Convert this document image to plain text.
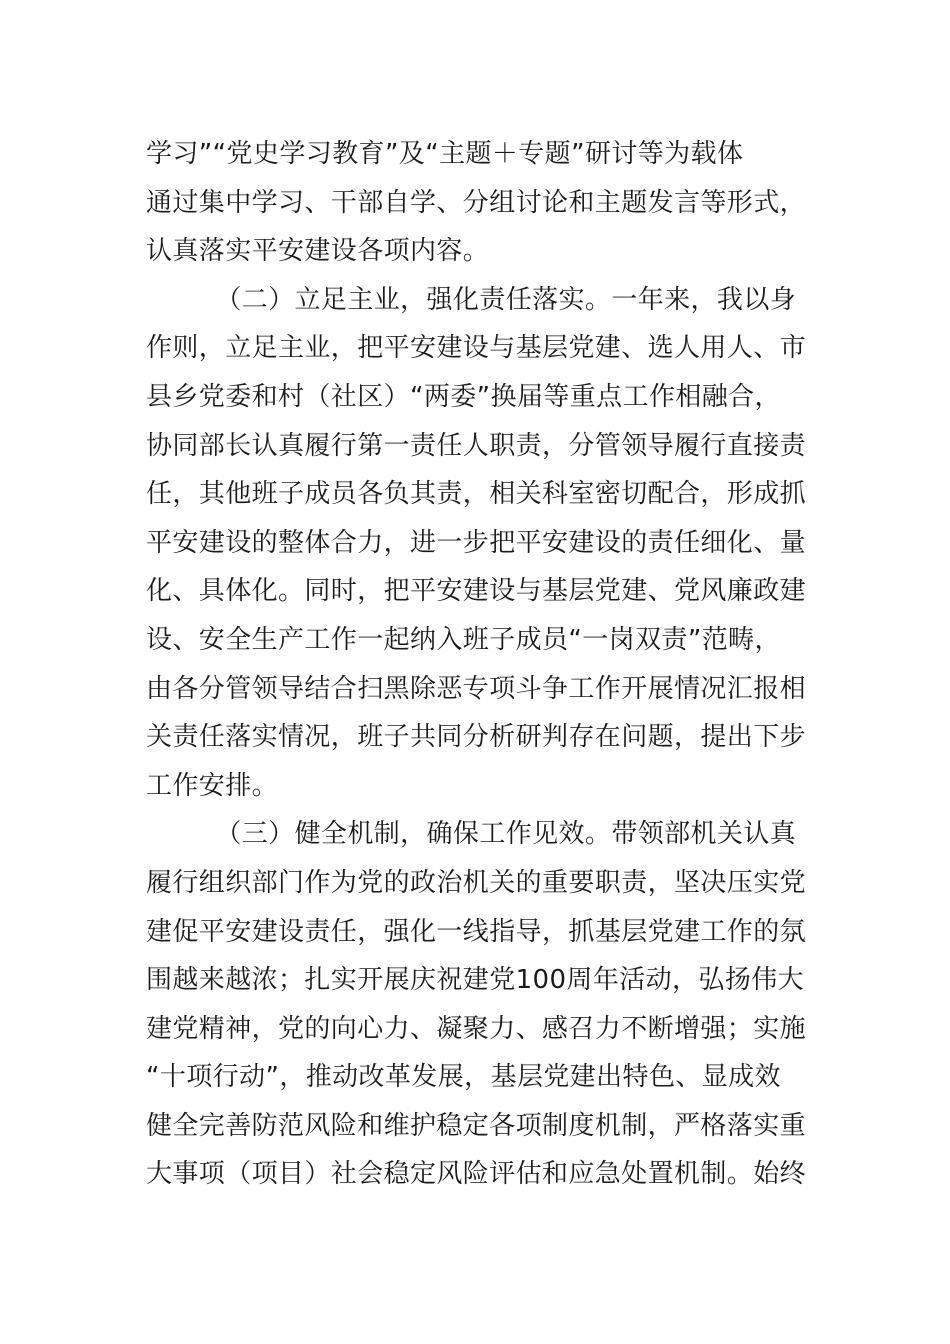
学习”“党史学习教育”及“主题＋专题”研讨等为载体
通过集中学习、干部自学、分组讨论和主题发言等形式，
认真落实平安建设各项内容。
（二）立足主业，强化责任落实。一年来，我以身
作则，立足主业，把平安建设与基层党建、选人用人、市
县乡党委和村（社区）“两委”换届等重点工作相融合，
协同部长认真履行第一责任人职责，分管领导履行直接责
任，其他班子成员各负其责，相关科室密切配合，形成抓
平安建设的整体合力，进一步把平安建设的责任细化、量
化、具体化。同时，把平安建设与基层党建、党风廉政建
设、安全生产工作一起纳入班子成员“一岗双责”范畴，
由各分管领导结合扫黑除恶专项斗争工作开展情况汇报相
关责任落实情况，班子共同分析研判存在问题，提出下步
工作安排。
（三）健全机制，确保工作见效。带领部机关认真
履行组织部门作为党的政治机关的重要职责，坚决压实党
建促平安建设责任，强化一线指导，抓基层党建工作的氛
围越来越浓；扎实开展庆祝建党100周年活动，弘扬伟大
建党精神，党的向心力、凝聚力、感召力不断增强；实施
“十项行动”，推动改革发展，基层党建出特色、显成效
健全完善防范风险和维护稳定各项制度机制，严格落实重
大事项（项目）社会稳定风险评估和应急处置机制。始终
